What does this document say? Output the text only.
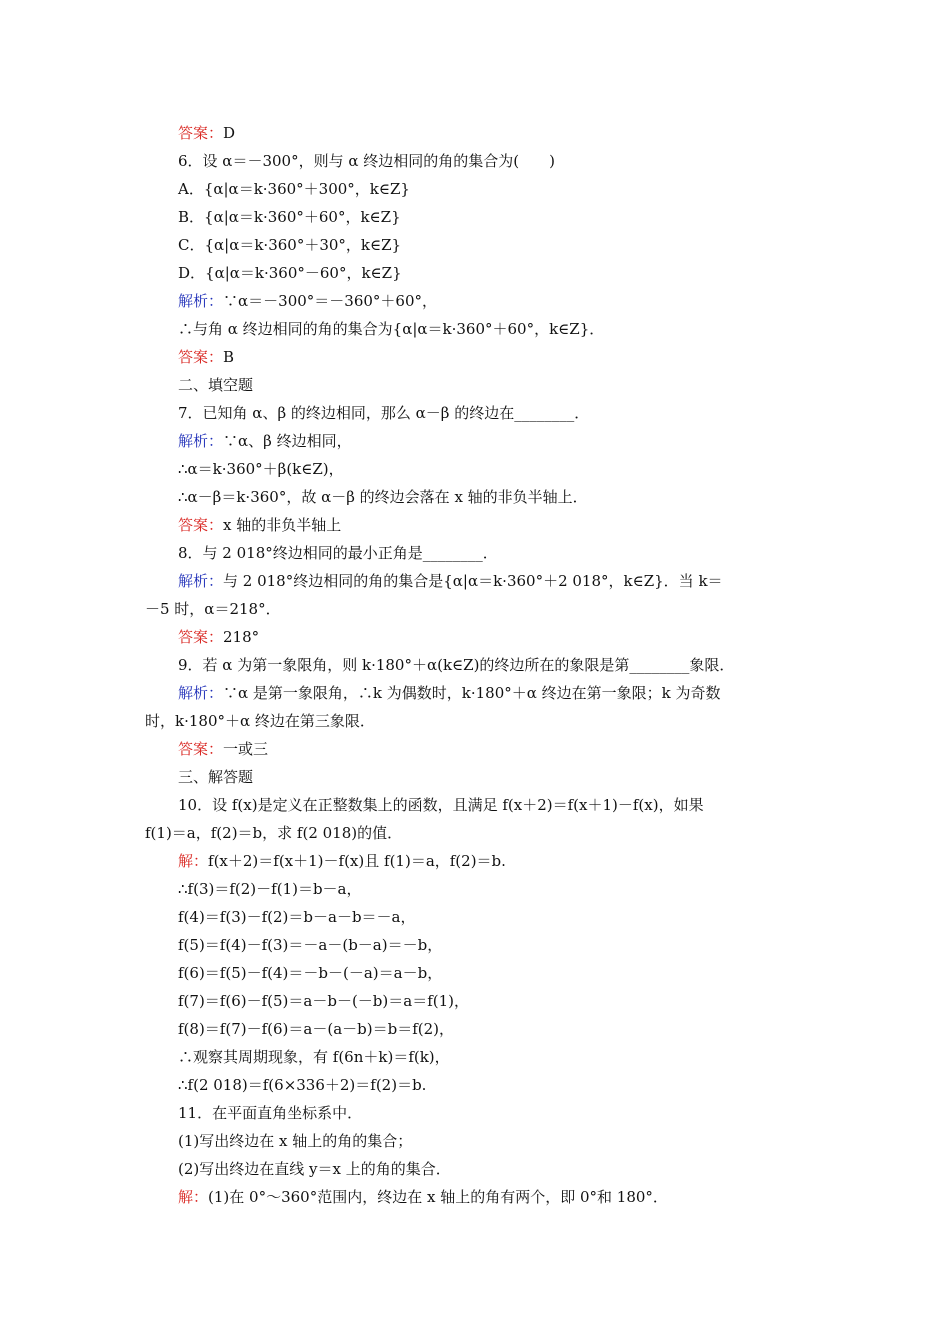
答案：D
6．设 α＝－300°，则与 α 终边相同的角的集合为(　　)
A．{α|α＝k·360°＋300°，k∈Z}
B．{α|α＝k·360°＋60°，k∈Z}
C．{α|α＝k·360°＋30°，k∈Z}
D．{α|α＝k·360°－60°，k∈Z}
解析：∵α＝－300°＝－360°＋60°，
∴与角 α 终边相同的角的集合为{α|α＝k·360°＋60°，k∈Z}．
答案：B
二、填空题
7．已知角 α、β 的终边相同，那么 α－β 的终边在________．
解析：∵α、β 终边相同，
∴α＝k·360°＋β(k∈Z)，
∴α－β＝k·360°，故 α－β 的终边会落在 x 轴的非负半轴上．
答案：x 轴的非负半轴上
8．与 2 018°终边相同的最小正角是________．
解析：与 2 018°终边相同的角的集合是{α|α＝k·360°＋2 018°，k∈Z}．当 k＝
－5 时，α＝218°．
答案：218°
9．若 α 为第一象限角，则 k·180°＋α(k∈Z)的终边所在的象限是第________象限．
解析：∵α 是第一象限角，∴k 为偶数时，k·180°＋α 终边在第一象限；k 为奇数
时，k·180°＋α 终边在第三象限．
答案：一或三
三、解答题
10．设 f(x)是定义在正整数集上的函数，且满足 f(x＋2)＝f(x＋1)－f(x)，如果
f(1)＝a，f(2)＝b，求 f(2 018)的值．
解：f(x＋2)＝f(x＋1)－f(x)且 f(1)＝a，f(2)＝b.
∴f(3)＝f(2)－f(1)＝b－a，
f(4)＝f(3)－f(2)＝b－a－b＝－a，
f(5)＝f(4)－f(3)＝－a－(b－a)＝－b，
f(6)＝f(5)－f(4)＝－b－(－a)＝a－b，
f(7)＝f(6)－f(5)＝a－b－(－b)＝a＝f(1)，
f(8)＝f(7)－f(6)＝a－(a－b)＝b＝f(2)，
∴观察其周期现象，有 f(6n＋k)＝f(k)，
∴f(2 018)＝f(6×336＋2)＝f(2)＝b.
11．在平面直角坐标系中．
(1)写出终边在 x 轴上的角的集合；
(2)写出终边在直线 y＝x 上的角的集合．
解：(1)在 0°～360°范围内，终边在 x 轴上的角有两个，即 0°和 180°．
